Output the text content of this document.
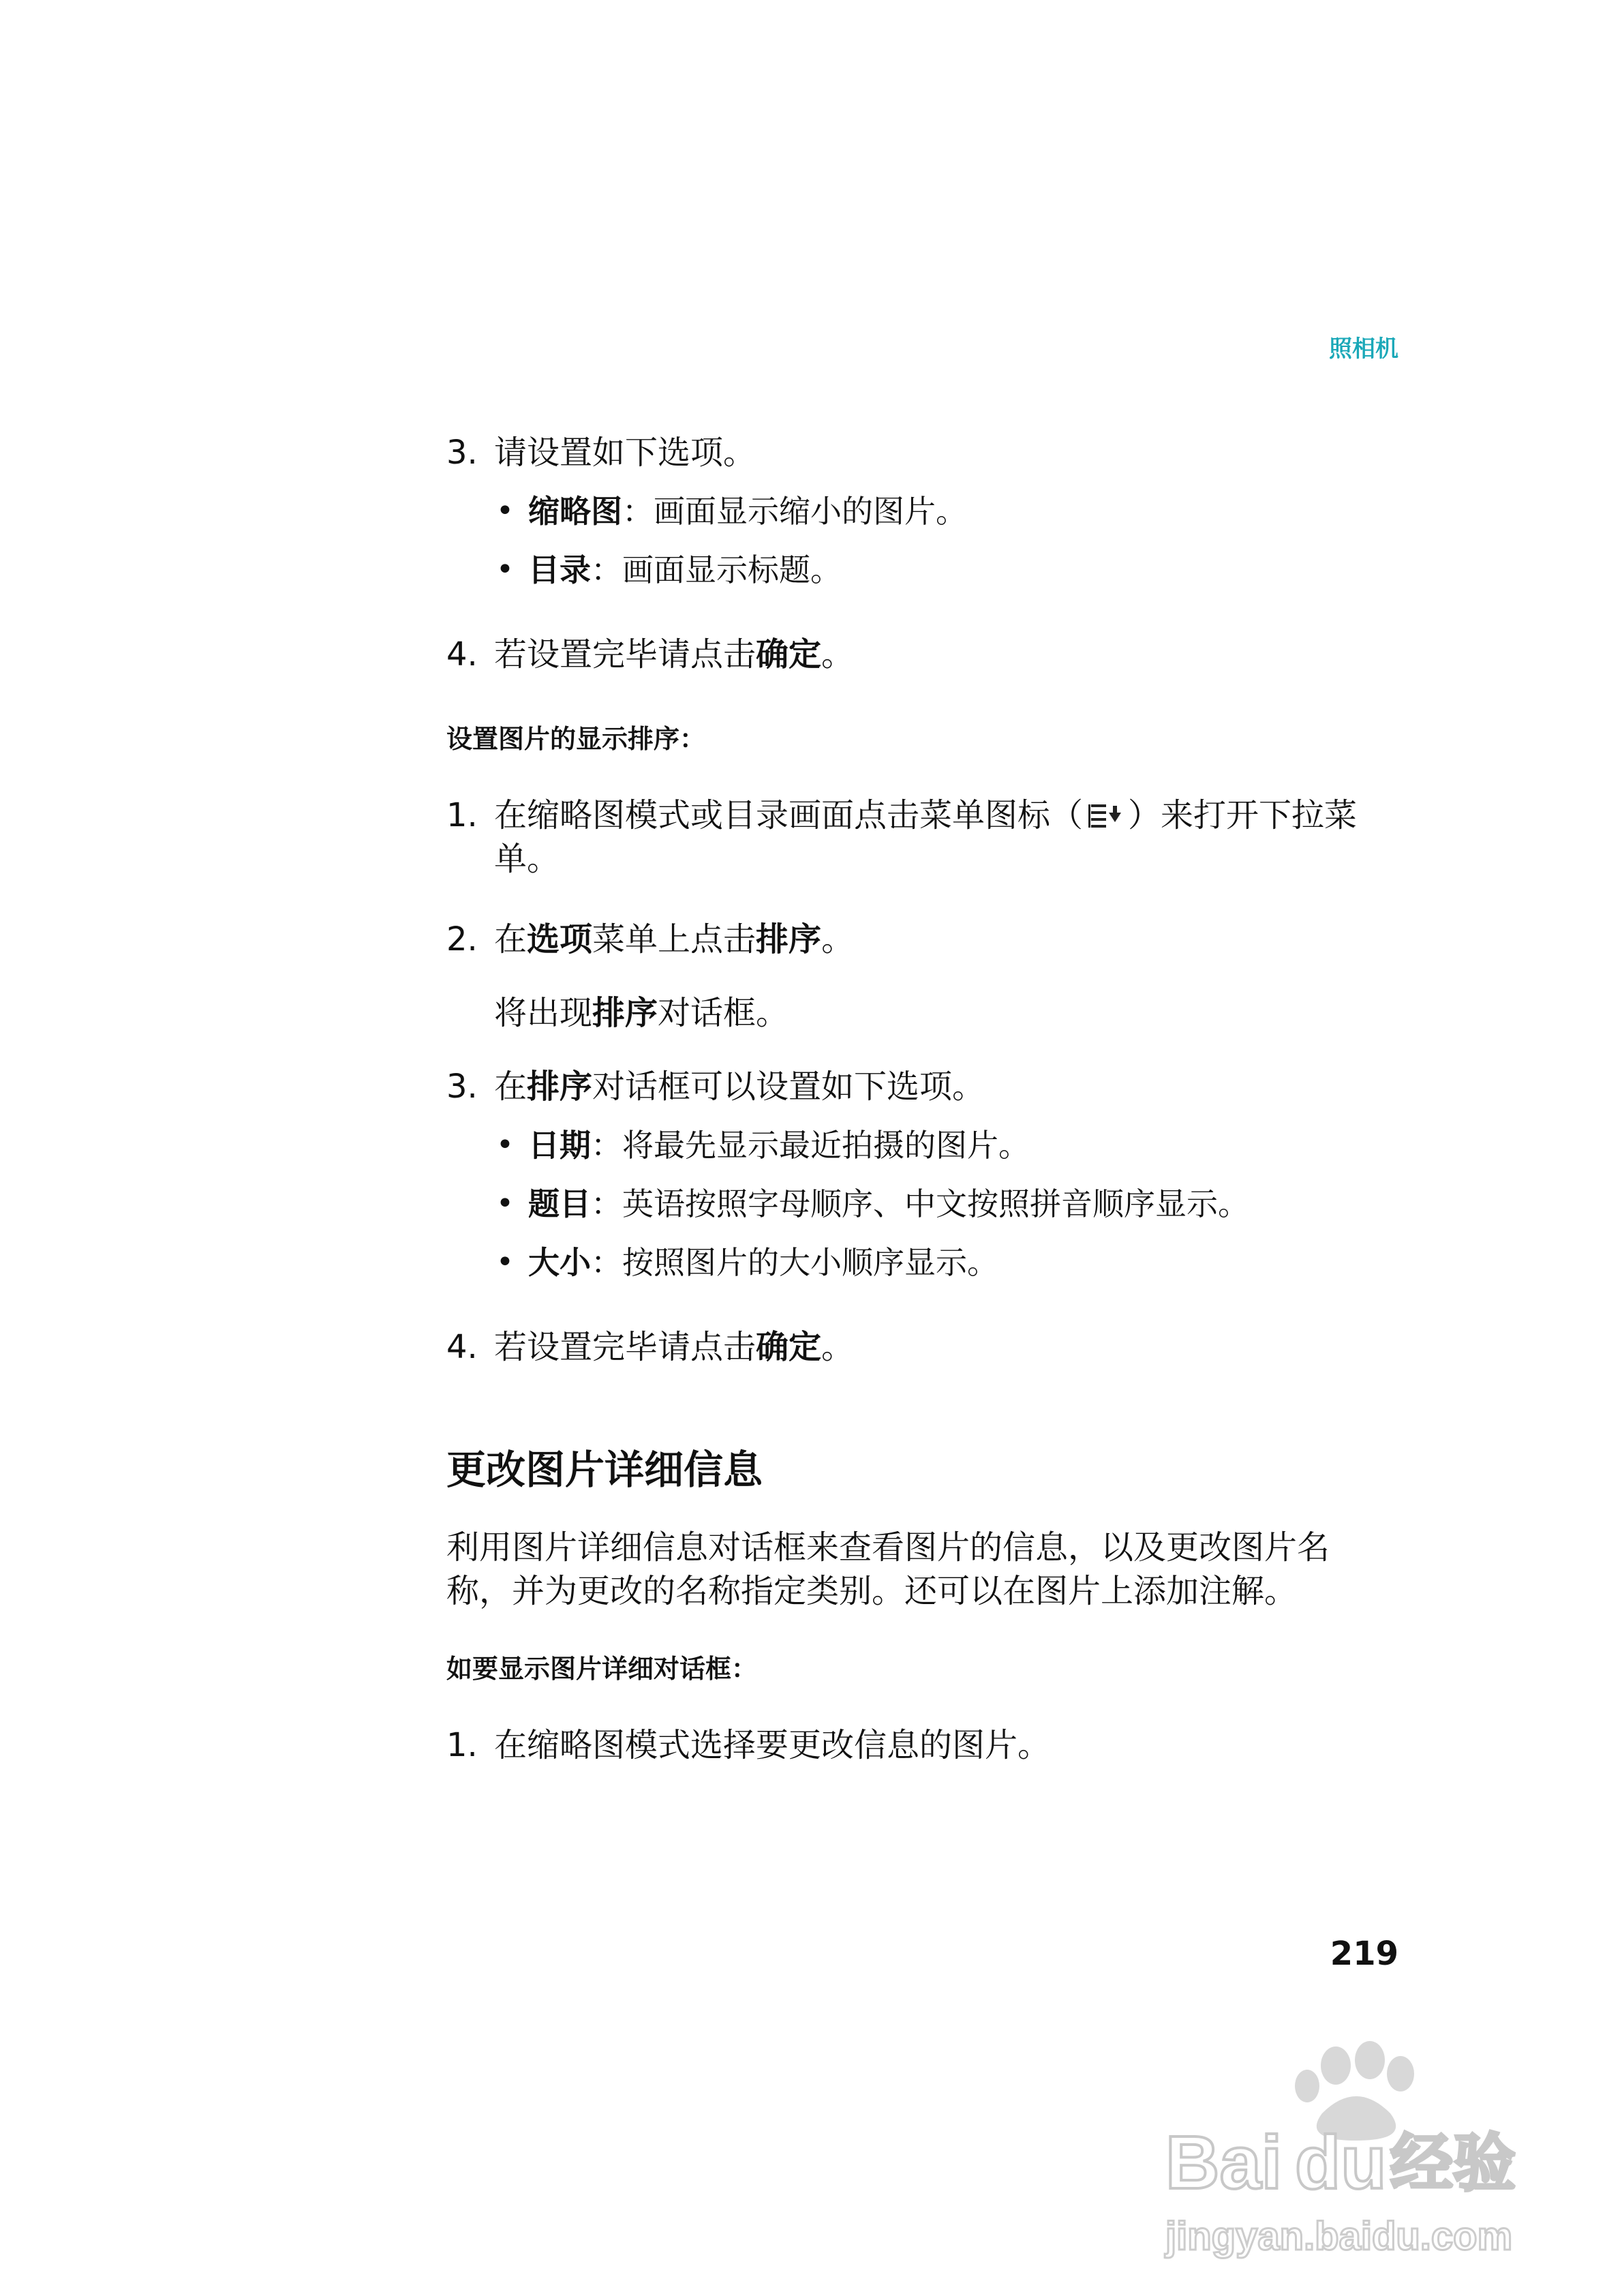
照相机
3. 请设置如下选项。
• 缩略图：画面显示缩小的图片。
• 目录：画面显示标题。
4. 若设置完毕请点击确定。
设置图片的显示排序：
1. 在缩略图模式或目录画面点击菜单图标（ ）来打开下拉菜
单。
2. 在选项菜单上点击排序。
将出现排序对话框。
3. 在排序对话框可以设置如下选项。
• 日期：将最先显示最近拍摄的图片。
• 题目：英语按照字母顺序、中文按照拼音顺序显示。
• 大小：按照图片的大小顺序显示。
4. 若设置完毕请点击确定。
更改图片详细信息
利用图片详细信息对话框来查看图片的信息，以及更改图片名
称，并为更改的名称指定类别。还可以在图片上添加注解。
如要显示图片详细对话框：
1. 在缩略图模式选择要更改信息的图片。
219
Bai du 经验
jingyan.baidu.com
